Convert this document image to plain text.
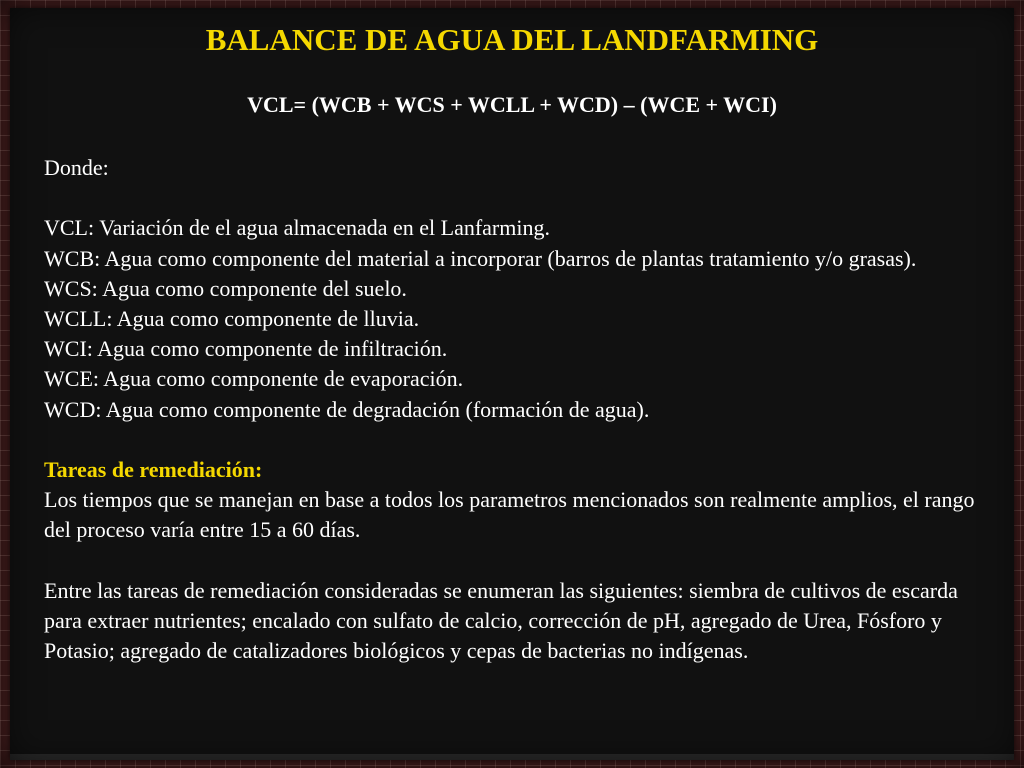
BALANCE DE AGUA DEL LANDFARMING

VCL= (WCB + WCS + WCLL + WCD) – (WCE + WCI)

Donde:

VCL: Variación de el agua almacenada en el Lanfarming.

WCB: Agua como componente del material a incorporar (barros de plantas tratamiento y/o grasas).

WCS: Agua como componente del suelo.

WCLL: Agua como componente de lluvia.

WCI: Agua como componente de infiltración.

WCE: Agua como componente de evaporación.

WCD: Agua como componente de degradación (formación de agua).

Tareas de remediación:

Los tiempos que se manejan en base a todos los parametros mencionados son realmente amplios, el rango del proceso varía entre 15 a 60 días.

Entre las tareas de remediación consideradas se enumeran las siguientes: siembra de cultivos de escarda para extraer nutrientes; encalado con sulfato de calcio, corrección de pH, agregado de Urea, Fósforo y Potasio; agregado de catalizadores biológicos y cepas de bacterias no indígenas.
